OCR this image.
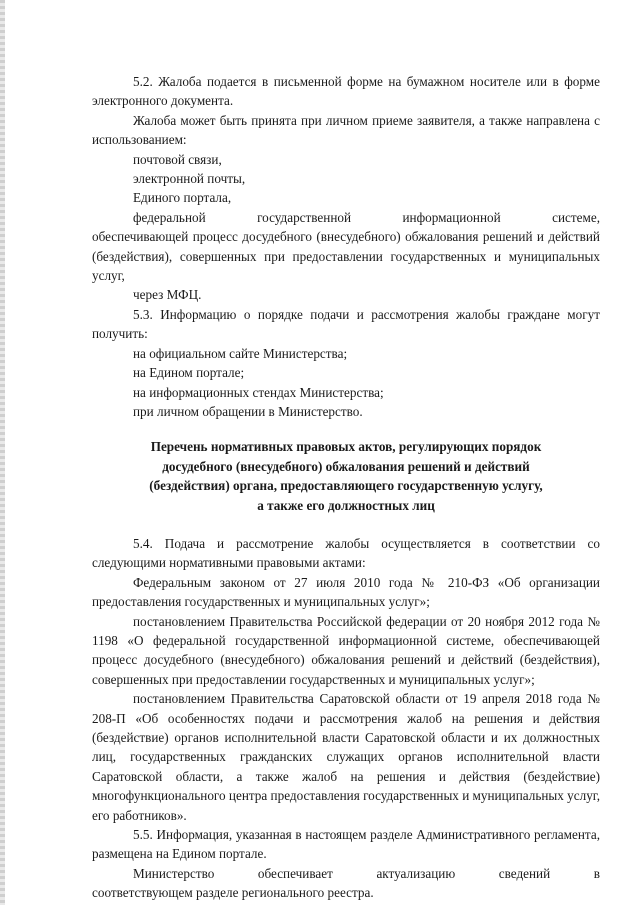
5.2. Жалоба подается в письменной форме на бумажном носителе или в форме электронного документа.

Жалоба может быть принята при личном приеме заявителя, а также направлена с использованием:

почтовой связи,

электронной почты,

Единого портала,

федеральной государственной информационной системе,

обеспечивающей процесс досудебного (внесудебного) обжалования решений и действий (бездействия), совершенных при предоставлении государственных и муниципальных услуг,

через МФЦ.

5.3. Информацию о порядке подачи и рассмотрения жалобы граждане могут получить:

на официальном сайте Министерства;

на Едином портале;

на информационных стендах Министерства;

при личном обращении в Министерство.

Перечень нормативных правовых актов, регулирующих порядок
досудебного (внесудебного) обжалования решений и действий
(бездействия) органа, предоставляющего государственную услугу,
а также его должностных лиц

5.4. Подача и рассмотрение жалобы осуществляется в соответствии со следующими нормативными правовыми актами:

Федеральным законом от 27 июля 2010 года № 210-ФЗ «Об организации предоставления государственных и муниципальных услуг»;

постановлением Правительства Российской федерации от 20 ноября 2012 года № 1198 «О федеральной государственной информационной системе, обеспечивающей процесс досудебного (внесудебного) обжалования решений и действий (бездействия), совершенных при предоставлении государственных и муниципальных услуг»;

постановлением Правительства Саратовской области от 19 апреля 2018 года № 208-П «Об особенностях подачи и рассмотрения жалоб на решения и действия (бездействие) органов исполнительной власти Саратовской области и их должностных лиц, государственных гражданских служащих органов исполнительной власти Саратовской области, а также жалоб на решения и действия (бездействие) многофункционального центра предоставления государственных и муниципальных услуг, его работников».

5.5. Информация, указанная в настоящем разделе Административного регламента, размещена на Едином портале.

Министерство обеспечивает актуализацию сведений в

соответствующем разделе регионального реестра.
